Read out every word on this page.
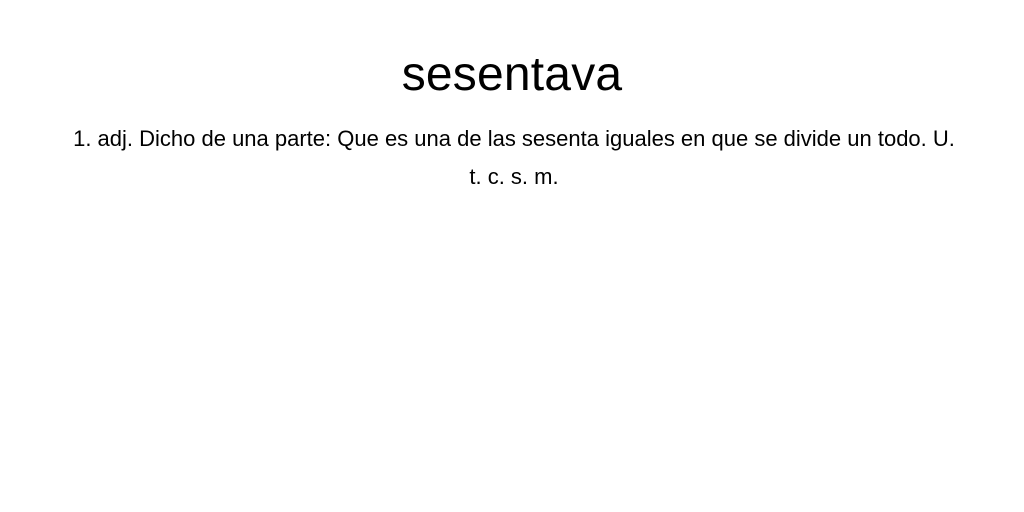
sesentava

1. adj. Dicho de una parte: Que es una de las sesenta iguales en que se divide un todo. U. t. c. s. m.
